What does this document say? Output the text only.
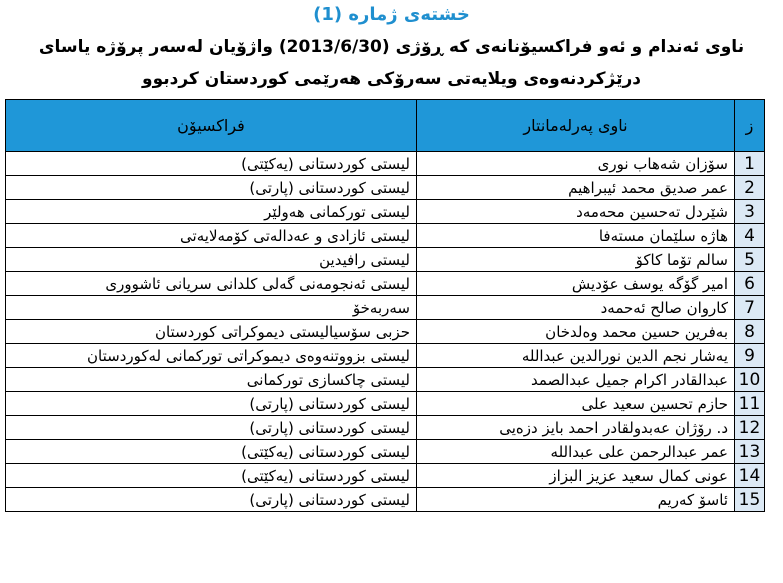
خشتەی ژمارە (1)
ناوی ئەندام و ئەو فراکسیۆنانەی کە ڕۆژی (2013/6/30) واژۆیان لەسەر پرۆژە یاسای
درێژکردنەوەی ویلایەتی سەرۆکی هەرێمی کوردستان کردبوو
ز	ناوی پەرلەمانتار	فراکسیۆن
1	سۆزان شەهاب نوری	لیستی کوردستانی (یەکێتی)
2	عمر صدیق محمد ئیبراهیم	لیستی کوردستانی (پارتی)
3	شێردل تەحسین محەمەد	لیستی تورکمانی هەولێر
4	هاژە سلێمان مستەفا	لیستی ئازادی و عەدالەتی کۆمەلایەتی
5	سالم تۆما کاکۆ	لیستی رافیدین
6	امیر گۆگە یوسف عۆدیش	لیستی ئەنجومەنی گەلی کلدانی سریانی ئاشووری
7	کاروان صالح ئەحمەد	سەربەخۆ
8	بەفرین حسین محمد وەلدخان	حزبی سۆسیالیستی دیموکراتی کوردستان
9	یەشار نجم الدین نورالدین عبداللە	لیستی بزووتنەوەی دیموکراتی تورکمانی لەکوردستان
10	عبدالقادر اکرام جمیل عبدالصمد	لیستی چاکسازی تورکمانی
11	حازم تحسین سعید علی	لیستی کوردستانی (پارتی)
12	د. رۆژان عەبدولقادر احمد بایز دزەیی	لیستی کوردستانی (پارتی)
13	عمر عبدالرحمن علی عبداللە	لیستی کوردستانی (یەکێتی)
14	عونی کمال سعید عزیز البزاز	لیستی کوردستانی (یەکێتی)
15	ئاسۆ کەریم	لیستی کوردستانی (پارتی)
